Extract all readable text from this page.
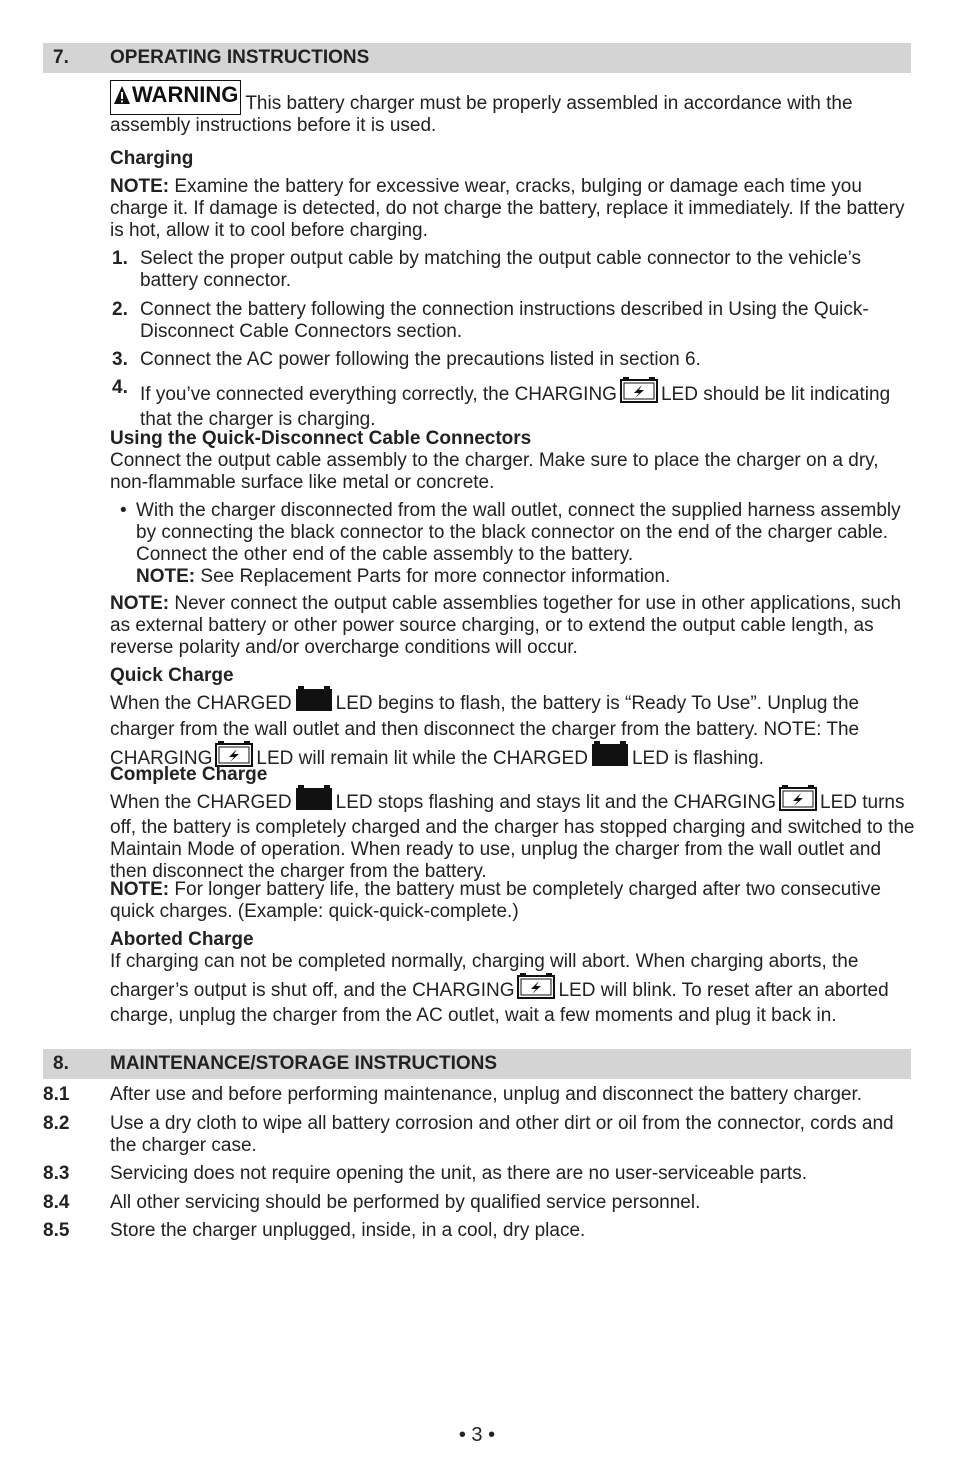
7. OPERATING INSTRUCTIONS
WARNING This battery charger must be properly assembled in accordance with the assembly instructions before it is used.
Charging
NOTE: Examine the battery for excessive wear, cracks, bulging or damage each time you charge it. If damage is detected, do not charge the battery, replace it immediately. If the battery is hot, allow it to cool before charging.
1. Select the proper output cable by matching the output cable connector to the vehicle’s battery connector.
2. Connect the battery following the connection instructions described in Using the Quick-Disconnect Cable Connectors section.
3. Connect the AC power following the precautions listed in section 6.
4. If you’ve connected everything correctly, the CHARGING LED should be lit indicating that the charger is charging.
Using the Quick-Disconnect Cable Connectors
Connect the output cable assembly to the charger. Make sure to place the charger on a dry, non-flammable surface like metal or concrete.
• With the charger disconnected from the wall outlet, connect the supplied harness assembly by connecting the black connector to the black connector on the end of the charger cable. Connect the other end of the cable assembly to the battery.
NOTE: See Replacement Parts for more connector information.
NOTE: Never connect the output cable assemblies together for use in other applications, such as external battery or other power source charging, or to extend the output cable length, as reverse polarity and/or overcharge conditions will occur.
Quick Charge
When the CHARGED LED begins to flash, the battery is “Ready To Use”. Unplug the charger from the wall outlet and then disconnect the charger from the battery. NOTE: The CHARGING LED will remain lit while the CHARGED LED is flashing.
Complete Charge
When the CHARGED LED stops flashing and stays lit and the CHARGING LED turns off, the battery is completely charged and the charger has stopped charging and switched to the Maintain Mode of operation. When ready to use, unplug the charger from the wall outlet and then disconnect the charger from the battery.
NOTE: For longer battery life, the battery must be completely charged after two consecutive quick charges. (Example: quick-quick-complete.)
Aborted Charge
If charging can not be completed normally, charging will abort. When charging aborts, the charger’s output is shut off, and the CHARGING LED will blink. To reset after an aborted charge, unplug the charger from the AC outlet, wait a few moments and plug it back in.
8. MAINTENANCE/STORAGE INSTRUCTIONS
8.1 After use and before performing maintenance, unplug and disconnect the battery charger.
8.2 Use a dry cloth to wipe all battery corrosion and other dirt or oil from the connector, cords and the charger case.
8.3 Servicing does not require opening the unit, as there are no user-serviceable parts.
8.4 All other servicing should be performed by qualified service personnel.
8.5 Store the charger unplugged, inside, in a cool, dry place.
• 3 •
